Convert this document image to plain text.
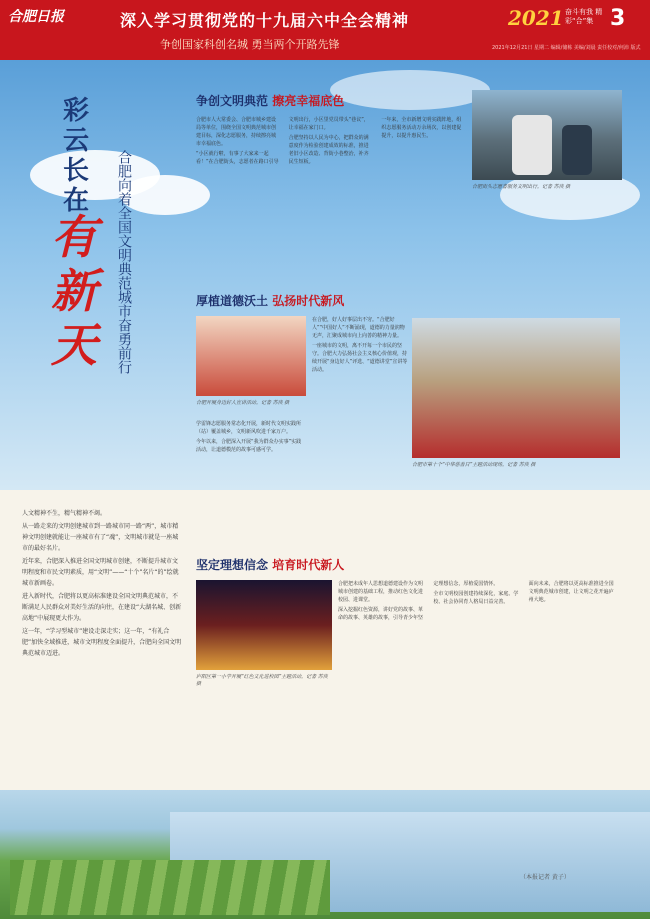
合肥日报	深入学习贯彻党的十九届六中全会精神
争创国家科创名城 勇当两个开路先锋
2021 奋斗有我 精彩“合”集 3
2021年12月21日 星期二 编辑/储栋 美编/刘晨 责任校对/何沛 版式
彩云长在
有新天	合肥向着全国文明典范城市奋勇前行

人文精神不生，精气精神不竭。

从一路走来的文明创建城市到一路城市同一路“两”，城市精神文明创建就能让一座城市有了“魂”，文明城市就是一座城市的最好名片。

近年来，合肥深入推进全国文明城市创建，不断提升城市文明程度和市民文明素质，用“文明”——“十个”名片“的”绘就城市新画卷。

进入新时代，合肥将以更高标准建设全国文明典范城市，不断满足人民群众对美好生活的向往，在建设“大湖名城、创新高地”中展现更大作为。

这一年，“学习型城市”建设走深走实；这一年，“有礼合肥”加快全域推进，城市文明程度全面提升，合肥向全国文明典范城市迈进。

争创文明典范 擦亮幸福底色

合肥市人大常委会、合肥市城乡建设局等单位，围绕全国文明典范城市创建目标，深化志愿服务，持续擦亮城市幸福底色。

“小区就行啦，有事了大家来一起看！”在合肥街头，志愿者在路口引导文明出行，小区里党员带头“巷议”，让幸福在家门口。

合肥坚持以人民为中心，把群众的满意度作为检验创建成效的标准，推进老旧小区改造、背街小巷整治，补齐民生短板。

一年来，全市新增文明实践阵地，组织志愿服务活动万余场次，以创建促提升，以提升惠民生。

合肥街头志愿者服务文明出行。记者 苏侠 摄
厚植道德沃土 弘扬时代新风
合肥开展身边好人宣讲活动。记者 苏侠 摄

在合肥，好人好事层出不穷。“合肥好人”“中国好人”不断涌现，道德的力量润物无声，汇聚成城市向上向善的精神力量。

一座城市的文明，离不开每一个市民的坚守。合肥大力弘扬社会主义核心价值观，持续开展“身边好人”评选、“道德讲堂”宣讲等活动。

学雷锋志愿服务常态化开展，新时代文明实践所（站）覆盖城乡，文明新风吹进千家万户。

今年以来，合肥深入开展“我为群众办实事”实践活动，让道德模范的故事可感可学。

合肥市第十个“中华慈善日”主题活动现场。记者 苏侠 摄
坚定理想信念 培育时代新人
庐阳区第一小学开展“红色文化进校园”主题活动。记者 苏侠 摄

合肥把未成年人思想道德建设作为文明城市创建的基础工程，推动红色文化进校园、进课堂。

深入挖掘红色资源，讲好党的故事、革命的故事、英雄的故事，引导青少年坚定理想信念，厚植爱国情怀。

全市文明校园创建持续深化，家庭、学校、社会协同育人格局日益完善。

面向未来，合肥将以更高标准推进全国文明典范城市创建，让文明之花开遍庐州大地。

（本报记者 黄子）
